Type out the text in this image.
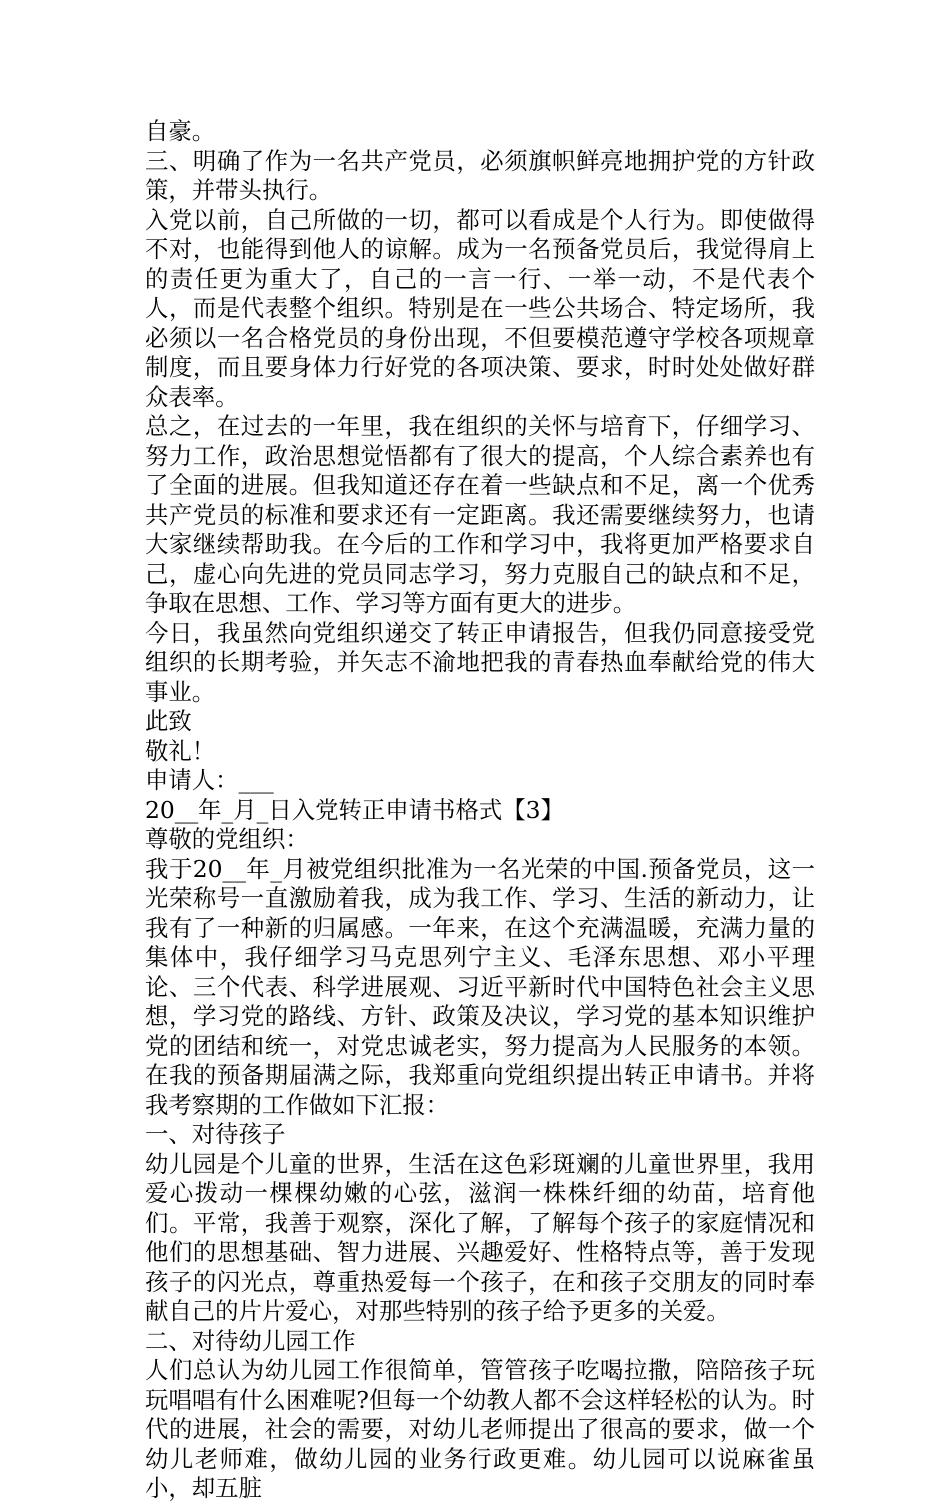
自豪。

三、明确了作为一名共产党员，必须旗帜鲜亮地拥护党的方针政策，并带头执行。

入党以前，自己所做的一切，都可以看成是个人行为。即使做得不对，也能得到他人的谅解。成为一名预备党员后，我觉得肩上的责任更为重大了，自己的一言一行、一举一动，不是代表个人，而是代表整个组织。特别是在一些公共场合、特定场所，我必须以一名合格党员的身份出现，不但要模范遵守学校各项规章制度，而且要身体力行好党的各项决策、要求，时时处处做好群众表率。

总之，在过去的一年里，我在组织的关怀与培育下，仔细学习、努力工作，政治思想觉悟都有了很大的提高，个人综合素养也有了全面的进展。但我知道还存在着一些缺点和不足，离一个优秀共产党员的标准和要求还有一定距离。我还需要继续努力，也请大家继续帮助我。在今后的工作和学习中，我将更加严格要求自己，虚心向先进的党员同志学习，努力克服自己的缺点和不足，争取在思想、工作、学习等方面有更大的进步。

今日，我虽然向党组织递交了转正申请报告，但我仍同意接受党组织的长期考验，并矢志不渝地把我的青春热血奉献给党的伟大事业。

此致

敬礼！

申请人：___

20__年_月_日入党转正申请书格式【3】

尊敬的党组织：

我于20__年_月被党组织批准为一名光荣的中国.预备党员，这一光荣称号一直激励着我，成为我工作、学习、生活的新动力，让我有了一种新的归属感。一年来，在这个充满温暖，充满力量的集体中，我仔细学习马克思列宁主义、毛泽东思想、邓小平理论、三个代表、科学进展观、习近平新时代中国特色社会主义思想，学习党的路线、方针、政策及决议，学习党的基本知识维护党的团结和统一，对党忠诚老实，努力提高为人民服务的本领。在我的预备期届满之际，我郑重向党组织提出转正申请书。并将我考察期的工作做如下汇报：

一、对待孩子

幼儿园是个儿童的世界，生活在这色彩斑斓的儿童世界里，我用爱心拨动一棵棵幼嫩的心弦，滋润一株株纤细的幼苗，培育他们。平常，我善于观察，深化了解，了解每个孩子的家庭情况和他们的思想基础、智力进展、兴趣爱好、性格特点等，善于发现孩子的闪光点，尊重热爱每一个孩子，在和孩子交朋友的同时奉献自己的片片爱心，对那些特别的孩子给予更多的关爱。

二、对待幼儿园工作

人们总认为幼儿园工作很简单，管管孩子吃喝拉撒，陪陪孩子玩玩唱唱有什么困难呢?但每一个幼教人都不会这样轻松的认为。时代的进展，社会的需要，对幼儿老师提出了很高的要求，做一个幼儿老师难，做幼儿园的业务行政更难。幼儿园可以说麻雀虽小，却五脏
